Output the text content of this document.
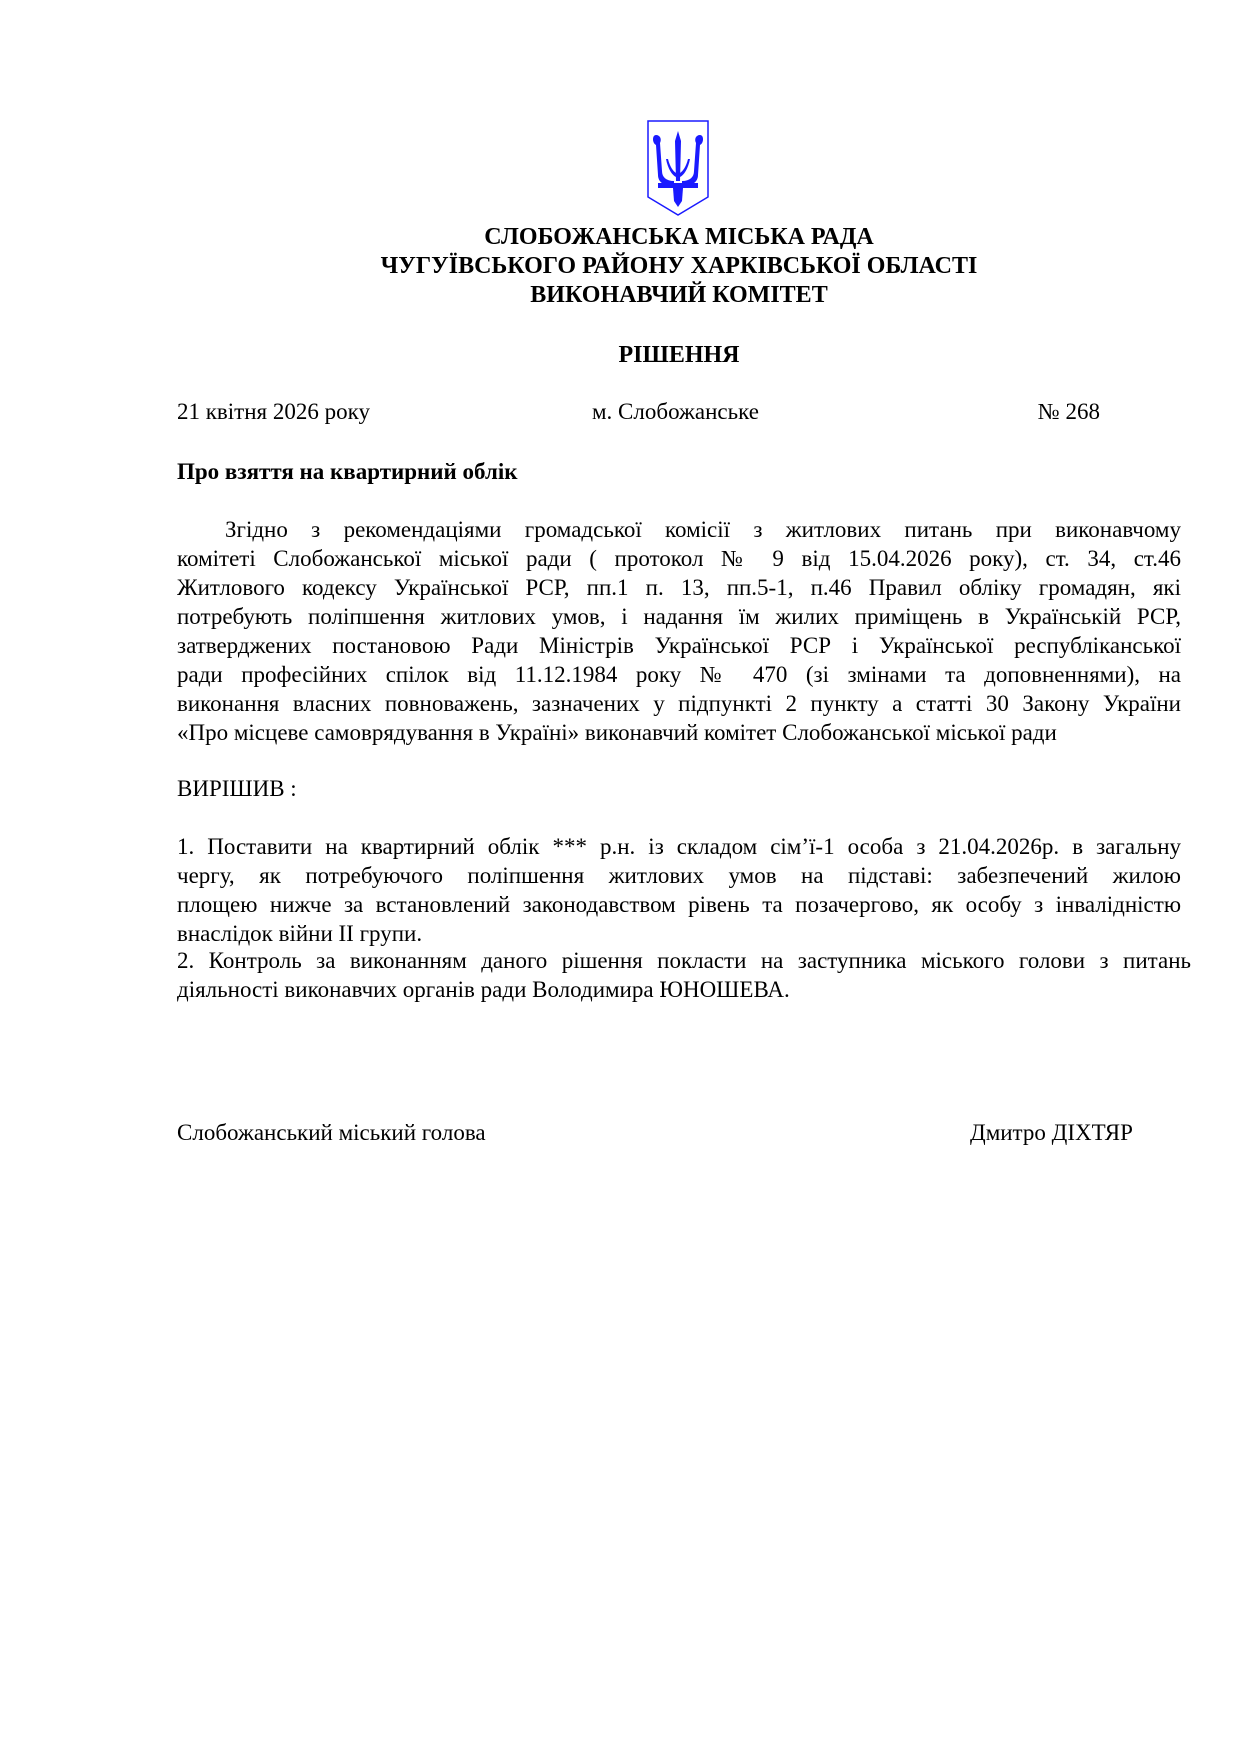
СЛОБОЖАНСЬКА МІСЬКА РАДА
ЧУГУЇВСЬКОГО РАЙОНУ ХАРКІВСЬКОЇ ОБЛАСТІ
ВИКОНАВЧИЙ КОМІТЕТ
РІШЕННЯ
21 квітня 2026 року	м. Слобожанське	№ 268
Про взяття на квартирний облік
Згідно з рекомендаціями громадської комісії з житлових питань при виконавчому
комітеті Слобожанської міської ради ( протокол № 9 від 15.04.2026 року), ст. 34, ст.46
Житлового кодексу Української РСР, пп.1 п. 13, пп.5-1, п.46 Правил обліку громадян, які
потребують поліпшення житлових умов, і надання їм жилих приміщень в Українській РСР,
затверджених постановою Ради Міністрів Української РСР і Української республіканської
ради професійних спілок від 11.12.1984 року № 470 (зі змінами та доповненнями), на
виконання власних повноважень, зазначених у підпункті 2 пункту а статті 30 Закону України
«Про місцеве самоврядування в Україні» виконавчий комітет Слобожанської міської ради
ВИРІШИВ :
1. Поставити на квартирний облік *** р.н. із складом сім’ї-1 особа з 21.04.2026р. в загальну
чергу, як потребуючого поліпшення житлових умов на підставі: забезпечений жилою
площею нижче за встановлений законодавством рівень та позачергово, як особу з інвалідністю
внаслідок війни ІІ групи.
2. Контроль за виконанням даного рішення покласти на заступника міського голови з питань
діяльності виконавчих органів ради Володимира ЮНОШЕВА.
Слобожанський міський голова	Дмитро ДІХТЯР
